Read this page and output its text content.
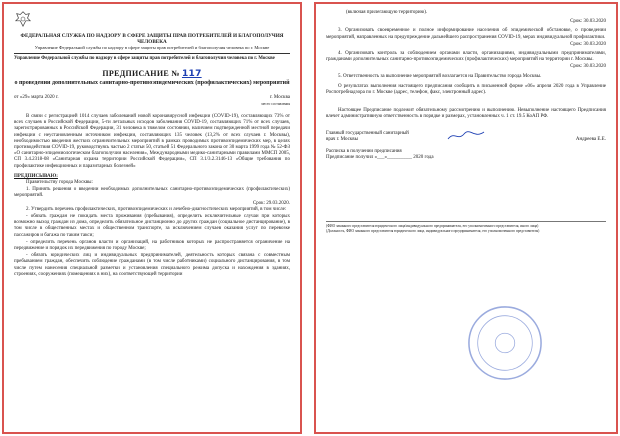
ФЕДЕРАЛЬНАЯ СЛУЖБА ПО НАДЗОРУ В СФЕРЕ ЗАЩИТЫ ПРАВ ПОТРЕБИТЕЛЕЙ И БЛАГОПОЛУЧИЯ ЧЕЛОВЕКА
Управление Федеральной службы по надзору в сфере защиты прав потребителей и благополучия человека по г. Москве
Управление Федеральной службы по надзору в сфере защиты прав потребителей и благополучия человека по г. Москве
ПРЕДПИСАНИЕ № 117
о проведении дополнительных санитарно-противоэпидемических (профилактических) мероприятий
от «29» марта 2020 г.	г. Москва
место составления

В связи с регистрацией 1014 случаев заболеваний новой коронавирусной инфекции (COVID-19), составляющих 73% от всех случаев в Российской Федерации, 5-ти летальных исходов заболевания COVID-19, составляющих 71% от всех случаев, зарегистрированных в Российской Федерации, 31 человека в тяжелом состоянии, наличием подтвержденной местной передачи инфекции с неустановленным источником инфекции, составляющих 135 человек (13,2% от всех случаев г. Москвы), необходимостью введения жестких ограничительных мероприятий в рамках проводимых противоэпидемических мер, в целях противодействия COVID-19, руководствуясь частью 2 статьи 50, статьей 51 Федерального закона от 30 марта 1999 года № 52-ФЗ «О санитарно-эпидемиологическом благополучии населения», Международными медико-санитарными правилами ММСП 2005, СП 3.4.2318-08 «Санитарная охрана территории Российской Федерации», СП 3.1/3.2.3146-13 «Общие требования по профилактике инфекционных и паразитарных болезней»

ПРЕДПИСЫВАЮ:

Правительству города Москвы:

1. Принять решения о введении необходимых дополнительных санитарно-противоэпидемических (профилактических) мероприятий.

Срок: 29.03.2020.

2. Утвердить перечень профилактических, противоэпидемических и лечебно-диагностических мероприятий, в том числе:

- обязать граждан не покидать места проживания (пребывания), определить исключительные случаи при которых возможно выход граждан из дома, определить обязательное дистанционно до других граждан (социальное дистанцирование), в том числе в общественных местах и общественном транспорте, за исключением случаев оказания услуг по перевозке пассажиров и багажа по таким такси;

- определить перечень органов власти и организаций, на работников которых не распространяется ограничение на передвижение и порядок их передвижения по городу Москве;

- обязать юридических лиц и индивидуальных предпринимателей, деятельность которых связана с совместным пребыванием граждан, обеспечить соблюдение гражданами (в том числе работниками) социального дистанцирования, в том числе путем нанесения специальной разметки и установления специального режима допуска и нахождения в зданиях, строениях, сооружениях (помещениях в них), на соответствующей территории

(включая прилегающую территорию).
Срок: 30.03.2020

3. Организовать своевременное и полное информирование населения об эпидемической обстановке, о проведении мероприятий, направленных на предупреждение дальнейшего распространения COVID-19, мерах индивидуальной профилактики.

Срок: 30.03.2020

4. Организовать контроль за соблюдением органами власти, организациями, индивидуальными предпринимателями, гражданами дополнительных санитарно-противоэпидемических (профилактических) мероприятий на территории г. Москвы.

Срок: 30.03.2020

5. Ответственность за выполнение мероприятий возлагается на Правительство города Москвы.

О результатах выполнения настоящего предписания сообщить в письменной форме «06» апреля 2020 года в Управление Роспотребнадзора по г. Москве (адрес, телефон, факс, электронный адрес).

Настоящее Предписание подлежит обязательному рассмотрению и выполнению. Невыполнение настоящего Предписания влечет административную ответственность в порядке и размерах, установленных ч. 1 ст. 19.5 КоАП РФ.

Главный государственный санитарный
врач г. Москвы	Андреева Е.Е.
Расписка в получении предписания
Предписание получил «___»__________ 2020 года
(ФИО законного представителя юридического лица/индивидуального предпринимателя, его уполномоченного представителя, иного лица)
(Должность, ФИО законного представителя юридического лица, индивидуального предпринимателя, его уполномоченного представителя)
